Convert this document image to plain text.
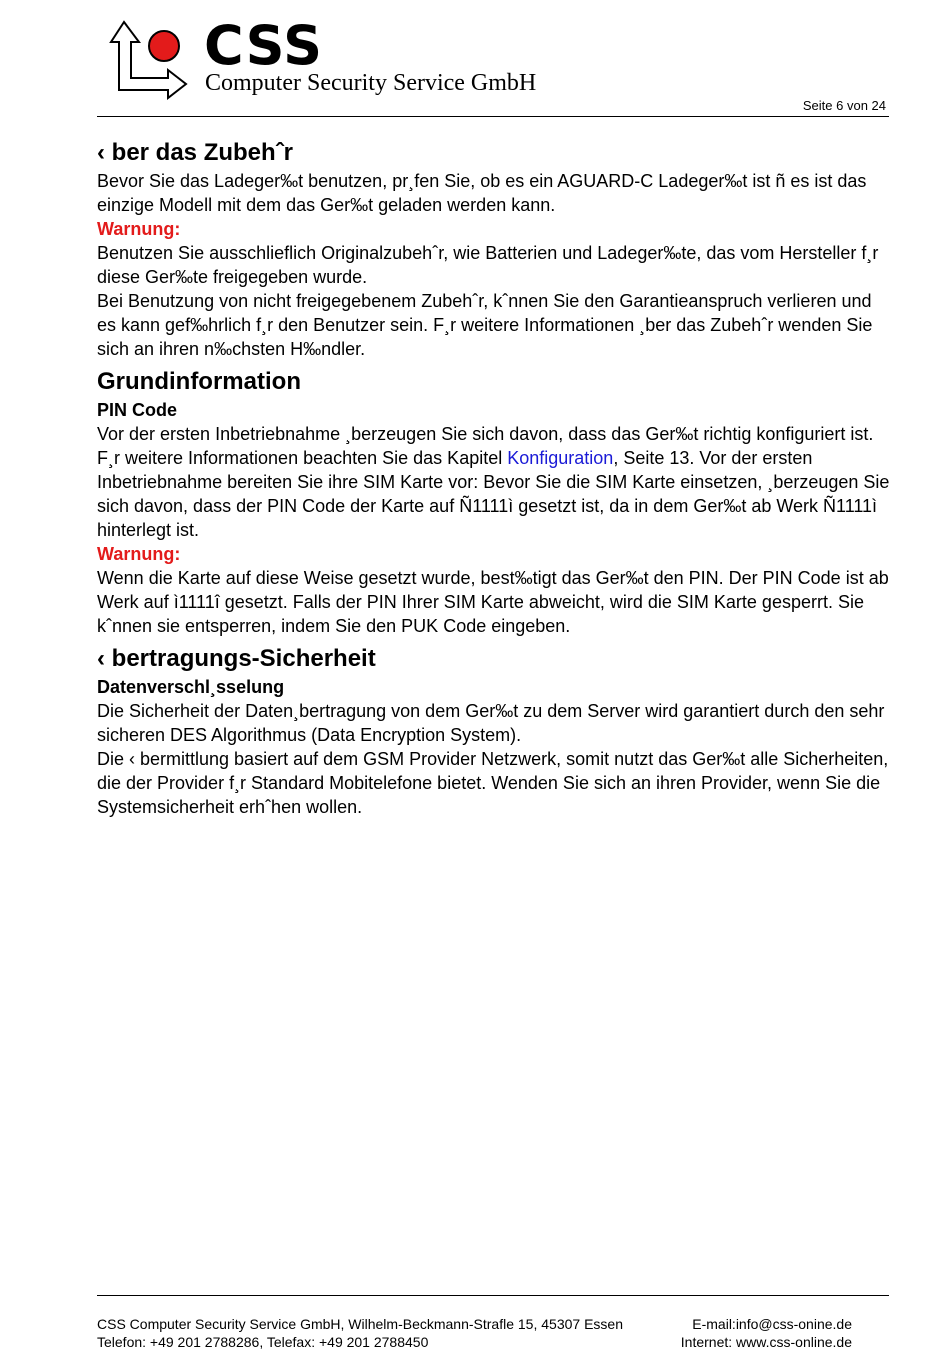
CSS
Computer Security Service GmbH
Seite 6 von 24
‹ ber das Zubehˆr

Bevor Sie das Ladeger‰t benutzen, pr¸fen Sie, ob es ein AGUARD-C Ladeger‰t ist ñ es ist das einzige Modell mit dem das Ger‰t geladen werden kann.

Warnung:

Benutzen Sie ausschlieflich Originalzubehˆr, wie Batterien und Ladeger‰te, das vom Hersteller f¸r diese Ger‰te freigegeben wurde.

Bei Benutzung von nicht freigegebenem Zubehˆr, kˆnnen Sie den Garantieanspruch verlieren und es kann gef‰hrlich f¸r den Benutzer sein. F¸r weitere Informationen ¸ber das Zubehˆr wenden Sie sich an ihren n‰chsten H‰ndler.

Grundinformation
PIN Code

Vor der ersten Inbetriebnahme ¸berzeugen Sie sich davon, dass das Ger‰t richtig konfiguriert ist. F¸r weitere Informationen beachten Sie das Kapitel Konfiguration, Seite 13. Vor der ersten Inbetriebnahme bereiten Sie ihre SIM Karte vor: Bevor Sie die SIM Karte einsetzen, ¸berzeugen Sie sich davon, dass der PIN Code der Karte auf Ñ1111ì gesetzt ist, da in dem Ger‰t ab Werk Ñ1111ì hinterlegt ist.

Warnung:

Wenn die Karte auf diese Weise gesetzt wurde, best‰tigt das Ger‰t den PIN. Der PIN Code ist ab Werk auf ì1111î gesetzt. Falls der PIN Ihrer SIM Karte abweicht, wird die SIM Karte gesperrt. Sie kˆnnen sie entsperren, indem Sie den PUK Code eingeben.

‹ bertragungs-Sicherheit
Datenverschl¸sselung

Die Sicherheit der Daten¸bertragung von dem Ger‰t zu dem Server wird garantiert durch den sehr sicheren DES Algorithmus (Data Encryption System).

Die ‹ bermittlung basiert auf dem GSM Provider Netzwerk, somit nutzt das Ger‰t alle Sicherheiten, die der Provider f¸r Standard Mobitelefone bietet. Wenden Sie sich an ihren Provider, wenn Sie die Systemsicherheit erhˆhen wollen.

CSS Computer Security Service GmbH, Wilhelm-Beckmann-Strafle 15, 45307 Essen
Telefon: +49 201 2788286, Telefax: +49 201 2788450
E-mail:info@css-onine.de
Internet: www.css-online.de
